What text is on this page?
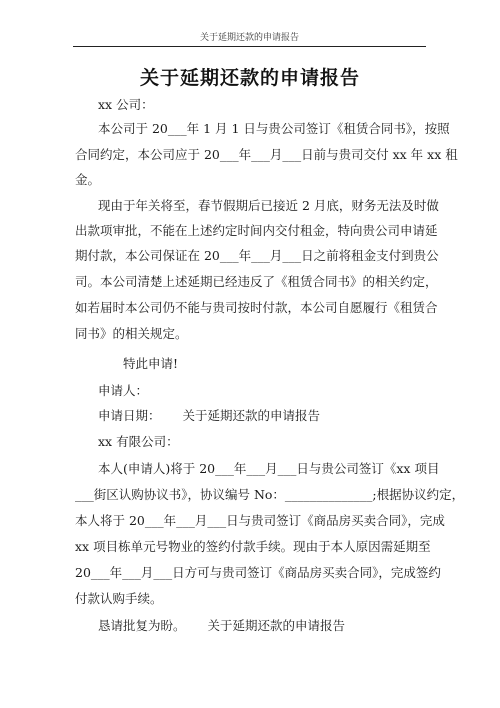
关于延期还款的申请报告
关于延期还款的申请报告
xx 公司：
本公司于 20___年 1 月 1 日与贵公司签订《租赁合同书》，按照
合同约定，本公司应于 20___年___月___日前与贵司交付 xx 年 xx 租
金。
现由于年关将至，春节假期后已接近 2 月底，财务无法及时做
出款项审批，不能在上述约定时间内交付租金，特向贵公司申请延
期付款，本公司保证在 20___年___月___日之前将租金支付到贵公
司。本公司清楚上述延期已经违反了《租赁合同书》的相关约定，
如若届时本公司仍不能与贵司按时付款，本公司自愿履行《租赁合
同书》的相关规定。
特此申请!
申请人：
申请日期： 关于延期还款的申请报告
xx 有限公司：
本人(申请人)将于 20___年___月___日与贵公司签订《xx 项目
___街区认购协议书》，协议编号 No：______________;根据协议约定，
本人将于 20___年___月___日与贵司签订《商品房买卖合同》，完成
xx 项目栋单元号物业的签约付款手续。现由于本人原因需延期至
20___年___月___日方可与贵司签订《商品房买卖合同》，完成签约
付款认购手续。
恳请批复为盼。 关于延期还款的申请报告
